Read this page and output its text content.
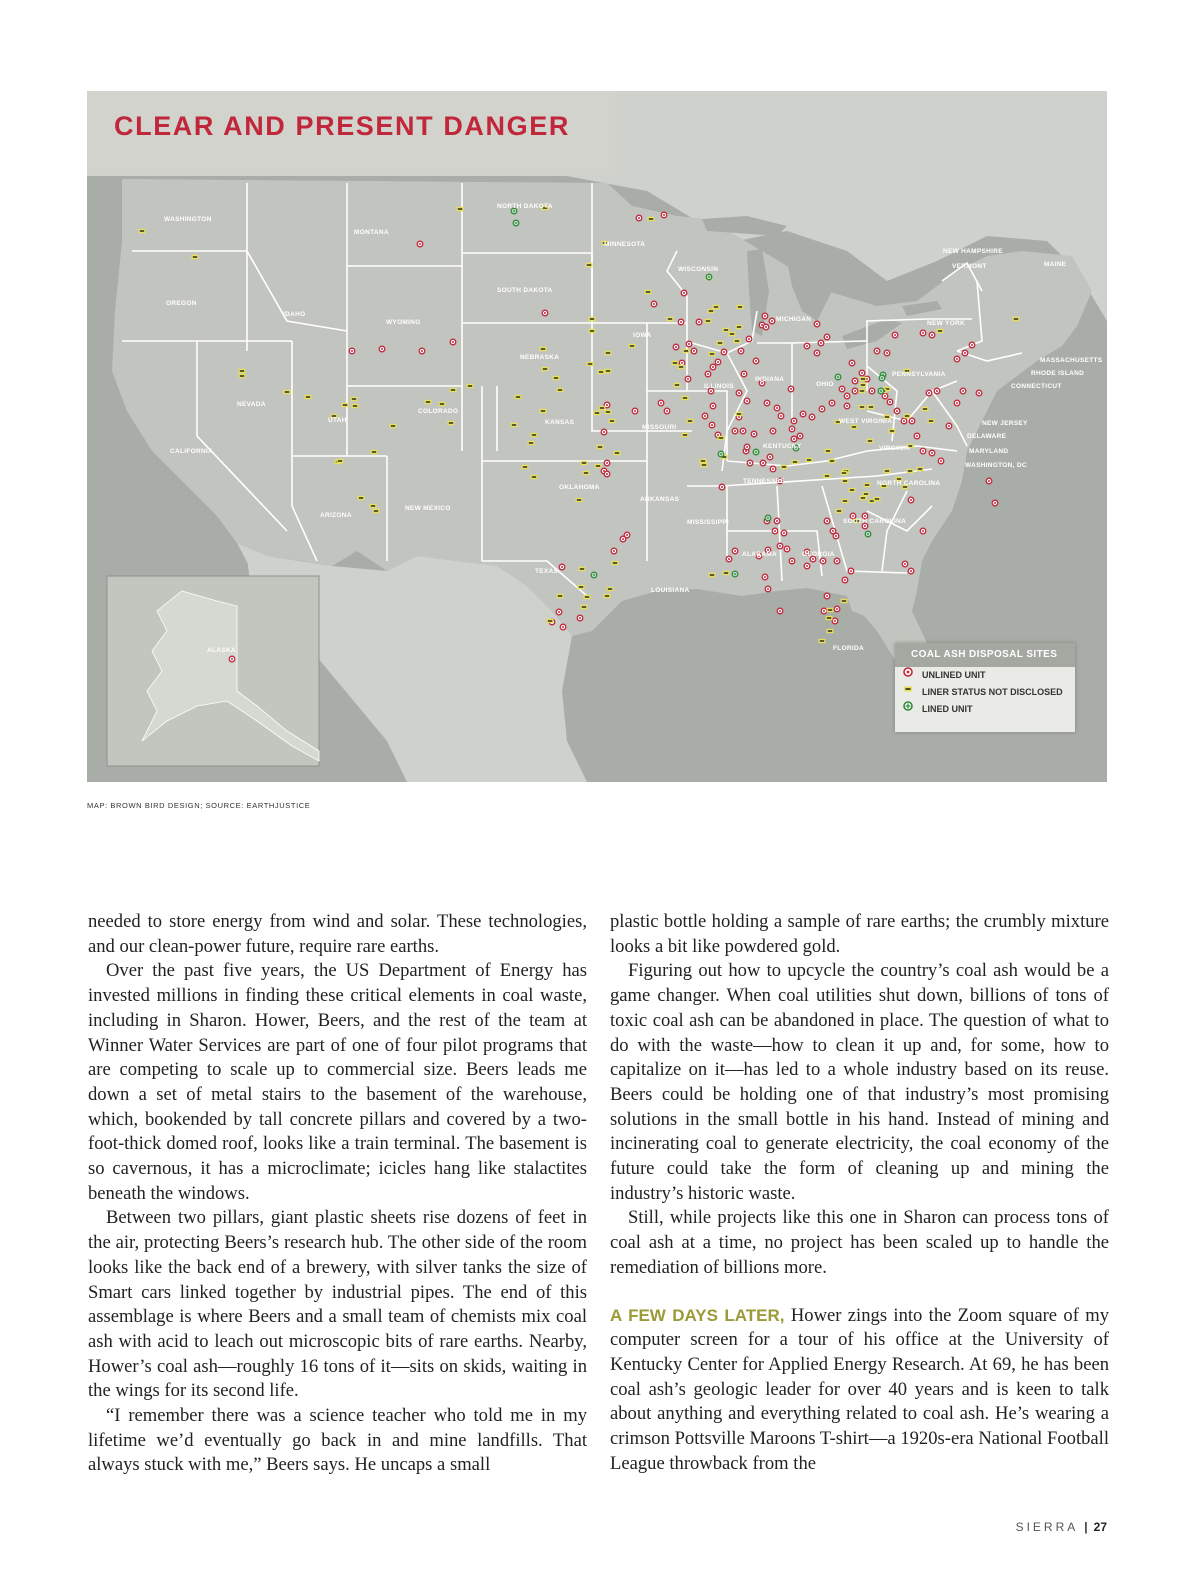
CLEAR AND PRESENT DANGER
WASHINGTON
MONTANA
NORTH DAKOTA
MINNESOTA
OREGON
IDAHO
WYOMING
SOUTH DAKOTA
WISCONSIN
MICHIGAN
NEW HAMPSHIRE
VERMONT	MAINE
NEW YORK
IOWA
NEBRASKA
NEVADA
UTAH
COLORADO
CALIFORNIA
KANSAS
MISSOURI
ILLINOIS
INDIANA
OHIO
PENNSYLVANIA
MASSACHUSETTS
RHODE ISLAND
CONNECTICUT
NEW JERSEY
DELAWARE
MARYLAND
WASHINGTON, DC
WEST VIRGINIA
VIRGINIA
KENTUCKY
TENNESSEE	NORTH CAROLINA
OKLAHOMA
ARKANSAS
ARIZONA
NEW MEXICO
SOUTH CAROLINA
MISSISSIPPI
ALABAMA	GEORGIA
TEXAS
LOUISIANA
FLORIDA
ALASKA	COAL ASH DISPOSAL SITES
UNLINED UNIT
LINER STATUS NOT DISCLOSED
LINED UNIT
MAP: BROWN BIRD DESIGN; SOURCE: EARTHJUSTICE

needed to store energy from wind and solar. These technologies, and our clean-power future, require rare earths.

Over the past five years, the US Department of Energy has invested millions in finding these critical elements in coal waste, including in Sharon. Hower, Beers, and the rest of the team at Winner Water Services are part of one of four pilot programs that are competing to scale up to commercial size. Beers leads me down a set of metal stairs to the basement of the warehouse, which, bookended by tall concrete pillars and covered by a two-foot-thick domed roof, looks like a train terminal. The basement is so cavernous, it has a microclimate; icicles hang like stalactites beneath the windows.

Between two pillars, giant plastic sheets rise dozens of feet in the air, protecting Beers’s research hub. The other side of the room looks like the back end of a brewery, with silver tanks the size of Smart cars linked together by industrial pipes. The end of this assemblage is where Beers and a small team of chemists mix coal ash with acid to leach out microscopic bits of rare earths. Nearby, Hower’s coal ash—roughly 16 tons of it—sits on skids, waiting in the wings for its second life.

“I remember there was a science teacher who told me in my lifetime we’d eventually go back in and mine landfills. That always stuck with me,” Beers says. He uncaps a small

plastic bottle holding a sample of rare earths; the crumbly mixture looks a bit like powdered gold.

Figuring out how to upcycle the country’s coal ash would be a game changer. When coal utilities shut down, billions of tons of toxic coal ash can be abandoned in place. The question of what to do with the waste—how to clean it up and, for some, how to capitalize on it—has led to a whole industry based on its reuse. Beers could be holding one of that industry’s most promising solutions in the small bottle in his hand. Instead of mining and incinerating coal to generate electricity, the coal economy of the future could take the form of cleaning up and mining the industry’s historic waste.

Still, while projects like this one in Sharon can process tons of coal ash at a time, no project has been scaled up to handle the remediation of billions more.

A FEW DAYS LATER, Hower zings into the Zoom square of my computer screen for a tour of his office at the University of Kentucky Center for Applied Energy Research. At 69, he has been coal ash’s geologic leader for over 40 years and is keen to talk about anything and everything related to coal ash. He’s wearing a crimson Pottsville Maroons T-shirt—a 1920s-era National Football League throwback from the

SIERRA | 27
